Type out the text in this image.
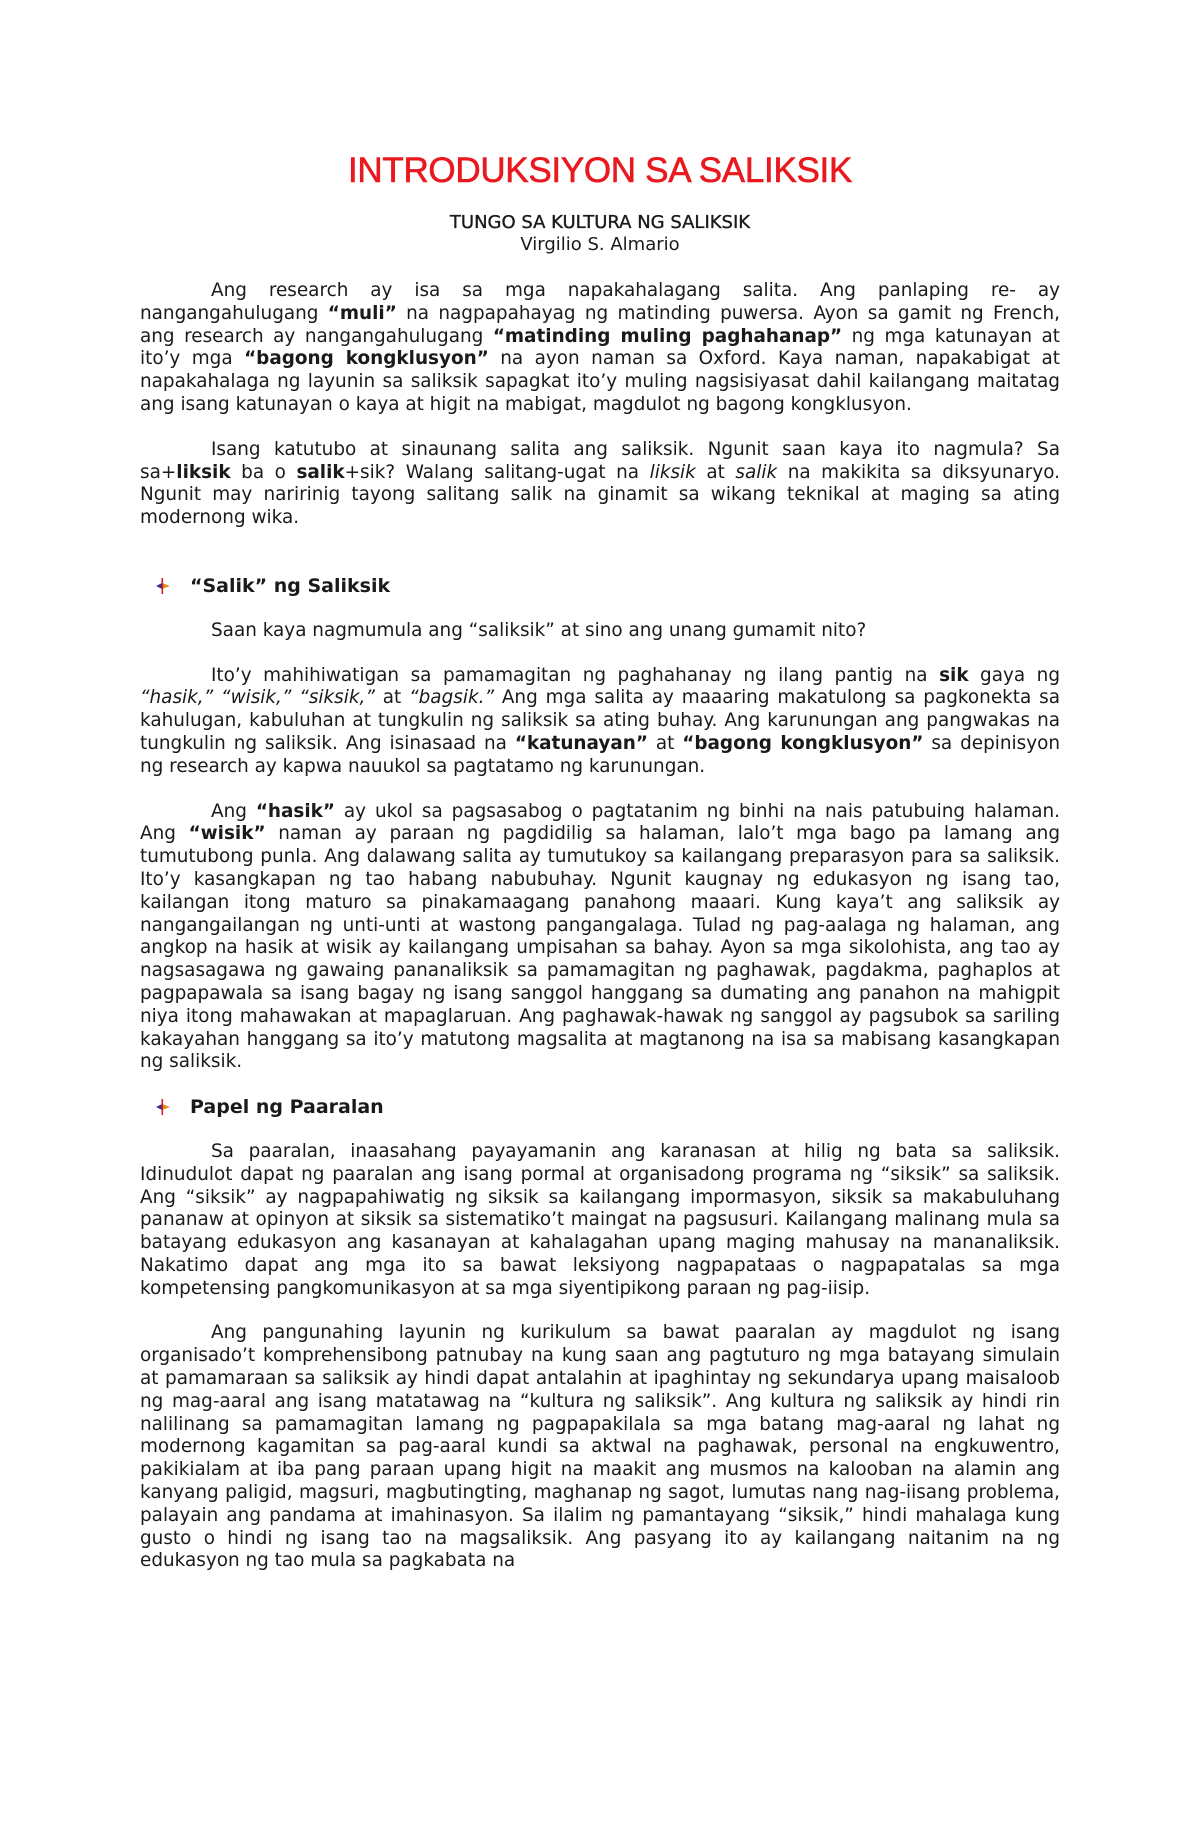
INTRODUKSIYON SA SALIKSIK
TUNGO SA KULTURA NG SALIKSIK
Virgilio S. Almario

Ang research ay isa sa mga napakahalagang salita. Ang panlaping re- ay nangangahulugang “muli” na nagpapahayag ng matinding puwersa. Ayon sa gamit ng French, ang research ay nangangahulugang “matinding muling paghahanap” ng mga katunayan at ito’y mga “bagong kongklusyon” na ayon naman sa Oxford. Kaya naman, napakabigat at napakahalaga ng layunin sa saliksik sapagkat ito’y muling nagsisiyasat dahil kailangang maitatag ang isang katunayan o kaya at higit na mabigat, magdulot ng bagong kongklusyon.

Isang katutubo at sinaunang salita ang saliksik. Ngunit saan kaya ito nagmula? Sa sa+liksik ba o salik+sik? Walang salitang-ugat na liksik at salik na makikita sa diksyunaryo. Ngunit may naririnig tayong salitang salik na ginamit sa wikang teknikal at maging sa ating modernong wika.

“Salik” ng Saliksik

Saan kaya nagmumula ang “saliksik” at sino ang unang gumamit nito?

Ito’y mahihiwatigan sa pamamagitan ng paghahanay ng ilang pantig na sik gaya ng “hasik,” “wisik,” “siksik,” at “bagsik.” Ang mga salita ay maaaring makatulong sa pagkonekta sa kahulugan, kabuluhan at tungkulin ng saliksik sa ating buhay. Ang karunungan ang pangwakas na tungkulin ng saliksik. Ang isinasaad na “katunayan” at “bagong kongklusyon” sa depinisyon ng research ay kapwa nauukol sa pagtatamo ng karunungan.

Ang “hasik” ay ukol sa pagsasabog o pagtatanim ng binhi na nais patubuing halaman. Ang “wisik” naman ay paraan ng pagdidilig sa halaman, lalo’t mga bago pa lamang ang tumutubong punla. Ang dalawang salita ay tumutukoy sa kailangang preparasyon para sa saliksik. Ito’y kasangkapan ng tao habang nabubuhay. Ngunit kaugnay ng edukasyon ng isang tao, kailangan itong maturo sa pinakamaagang panahong maaari. Kung kaya’t ang saliksik ay nangangailangan ng unti-unti at wastong pangangalaga. Tulad ng pag-aalaga ng halaman, ang angkop na hasik at wisik ay kailangang umpisahan sa bahay. Ayon sa mga sikolohista, ang tao ay nagsasagawa ng gawaing pananaliksik sa pamamagitan ng paghawak, pagdakma, paghaplos at pagpapawala sa isang bagay ng isang sanggol hanggang sa dumating ang panahon na mahigpit niya itong mahawakan at mapaglaruan. Ang paghawak-hawak ng sanggol ay pagsubok sa sariling kakayahan hanggang sa ito’y matutong magsalita at magtanong na isa sa mabisang kasangkapan ng saliksik.

Papel ng Paaralan

Sa paaralan, inaasahang payayamanin ang karanasan at hilig ng bata sa saliksik. Idinudulot dapat ng paaralan ang isang pormal at organisadong programa ng “siksik” sa saliksik. Ang “siksik” ay nagpapahiwatig ng siksik sa kailangang impormasyon, siksik sa makabuluhang pananaw at opinyon at siksik sa sistematiko’t maingat na pagsusuri. Kailangang malinang mula sa batayang edukasyon ang kasanayan at kahalagahan upang maging mahusay na mananaliksik. Nakatimo dapat ang mga ito sa bawat leksiyong nagpapataas o nagpapatalas sa mga kompetensing pangkomunikasyon at sa mga siyentipikong paraan ng pag-iisip.

Ang pangunahing layunin ng kurikulum sa bawat paaralan ay magdulot ng isang organisado’t komprehensibong patnubay na kung saan ang pagtuturo ng mga batayang simulain at pamamaraan sa saliksik ay hindi dapat antalahin at ipaghintay ng sekundarya upang maisaloob ng mag-aaral ang isang matatawag na “kultura ng saliksik”. Ang kultura ng saliksik ay hindi rin nalilinang sa pamamagitan lamang ng pagpapakilala sa mga batang mag-aaral ng lahat ng modernong kagamitan sa pag-aaral kundi sa aktwal na paghawak, personal na engkuwentro, pakikialam at iba pang paraan upang higit na maakit ang musmos na kalooban na alamin ang kanyang paligid, magsuri, magbutingting, maghanap ng sagot, lumutas nang nag-iisang problema, palayain ang pandama at imahinasyon. Sa ilalim ng pamantayang “siksik,” hindi mahalaga kung gusto o hindi ng isang tao na magsaliksik. Ang pasyang ito ay kailangang naitanim na ng edukasyon ng tao mula sa pagkabata na
